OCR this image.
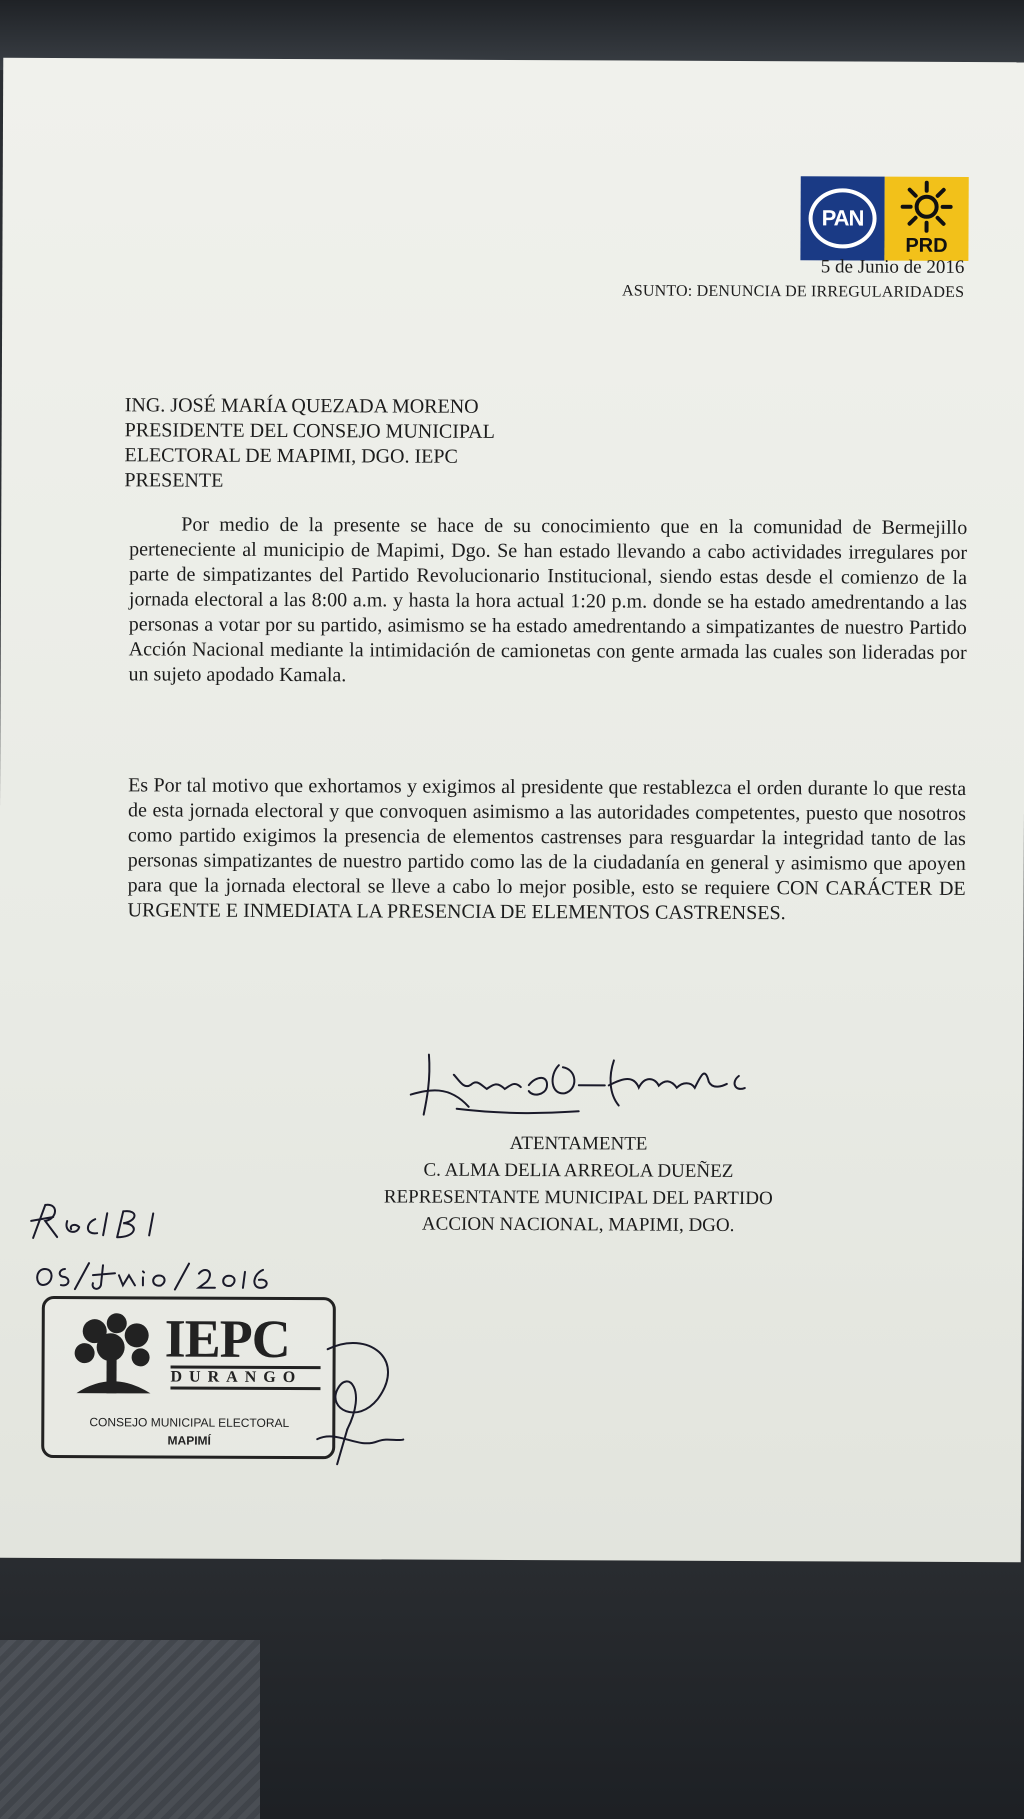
PAN
PRD
5 de Junio de 2016
ASUNTO: DENUNCIA DE IRREGULARIDADES
ING. JOSÉ MARÍA QUEZADA MORENO
PRESIDENTE DEL CONSEJO MUNICIPAL
ELECTORAL DE MAPIMI, DGO. IEPC
PRESENTE
Por medio de la presente se hace de su conocimiento que en la comunidad de Bermejillo perteneciente al municipio de Mapimi, Dgo. Se han estado llevando a cabo actividades irregulares por parte de simpatizantes del Partido Revolucionario Institucional, siendo estas desde el comienzo de la jornada electoral a las 8:00 a.m. y hasta la hora actual 1:20 p.m. donde se ha estado amedrentando a las personas a votar por su partido, asimismo se ha estado amedrentando a simpatizantes de nuestro Partido Acción Nacional mediante la intimidación de camionetas con gente armada las cuales son lideradas por un sujeto apodado Kamala.
Es Por tal motivo que exhortamos y exigimos al presidente que restablezca el orden durante lo que resta de esta jornada electoral y que convoquen asimismo a las autoridades competentes, puesto que nosotros como partido exigimos la presencia de elementos castrenses para resguardar la integridad tanto de las personas simpatizantes de nuestro partido como las de la ciudadanía en general y asimismo que apoyen para que la jornada electoral se lleve a cabo lo mejor posible, esto se requiere CON CARÁCTER DE URGENTE E INMEDIATA LA PRESENCIA DE ELEMENTOS CASTRENSES.
ATENTAMENTE
C. ALMA DELIA ARREOLA DUEÑEZ
REPRESENTANTE MUNICIPAL DEL PARTIDO
ACCION NACIONAL, MAPIMI, DGO.
IEPC
DURANGO
CONSEJO MUNICIPAL ELECTORAL
MAPIMÍ
